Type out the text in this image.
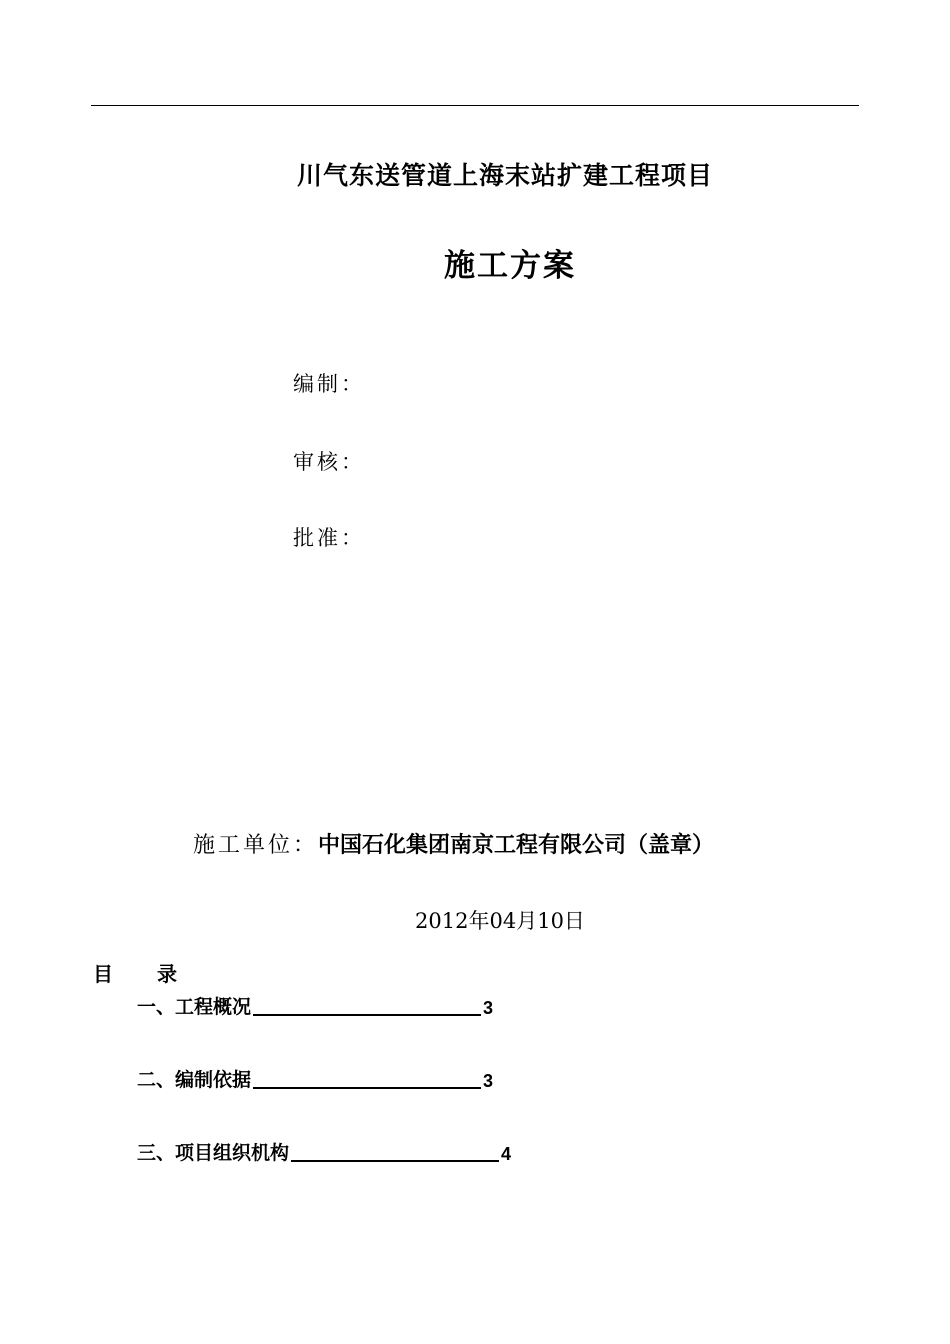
川气东送管道上海末站扩建工程项目
施工方案
编制：
审核：
批准：
施工单位：中国石化集团南京工程有限公司（盖章）
2012年04月10日
目 录
一、工程概况	3
二、编制依据	3
三、项目组织机构	4
